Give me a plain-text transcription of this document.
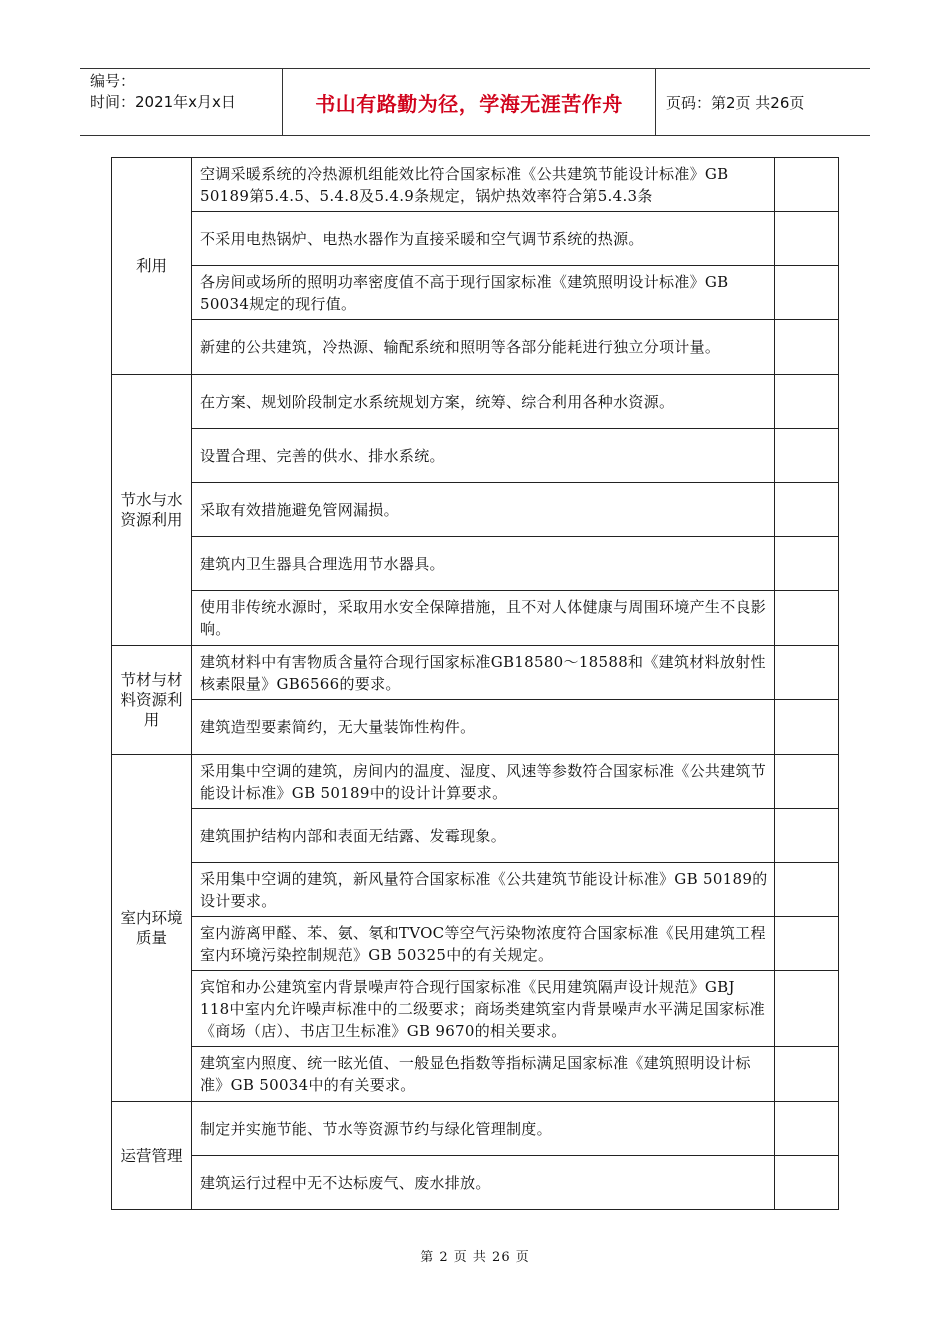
编号：
时间：2021年x月x日	书山有路勤为径，学海无涯苦作舟	页码：第2页 共26页
利用	空调采暖系统的冷热源机组能效比符合国家标准《公共建筑节能设计标准》GB 50189第5.4.5、5.4.8及5.4.9条规定，锅炉热效率符合第5.4.3条	
	不采用电热锅炉、电热水器作为直接采暖和空气调节系统的热源。	
	各房间或场所的照明功率密度值不高于现行国家标准《建筑照明设计标准》GB 50034规定的现行值。	
	新建的公共建筑，冷热源、输配系统和照明等各部分能耗进行独立分项计量。	
节水与水资源利用	在方案、规划阶段制定水系统规划方案，统筹、综合利用各种水资源。	
	设置合理、完善的供水、排水系统。	
	采取有效措施避免管网漏损。	
	建筑内卫生器具合理选用节水器具。	
	使用非传统水源时，采取用水安全保障措施，且不对人体健康与周围环境产生不良影响。	
节材与材料资源利用	建筑材料中有害物质含量符合现行国家标准GB18580～18588和《建筑材料放射性核素限量》GB6566的要求。	
	建筑造型要素简约，无大量装饰性构件。	
室内环境质量	采用集中空调的建筑，房间内的温度、湿度、风速等参数符合国家标准《公共建筑节能设计标准》GB 50189中的设计计算要求。	
	建筑围护结构内部和表面无结露、发霉现象。	
	采用集中空调的建筑，新风量符合国家标准《公共建筑节能设计标准》GB 50189的设计要求。	
	室内游离甲醛、苯、氨、氡和TVOC等空气污染物浓度符合国家标准《民用建筑工程室内环境污染控制规范》GB 50325中的有关规定。	
	宾馆和办公建筑室内背景噪声符合现行国家标准《民用建筑隔声设计规范》GBJ 118中室内允许噪声标准中的二级要求；商场类建筑室内背景噪声水平满足国家标准《商场（店）、书店卫生标准》GB 9670的相关要求。	
	建筑室内照度、统一眩光值、一般显色指数等指标满足国家标准《建筑照明设计标准》GB 50034中的有关要求。	
运营管理	制定并实施节能、节水等资源节约与绿化管理制度。	
	建筑运行过程中无不达标废气、废水排放。	
第 2 页 共 26 页
